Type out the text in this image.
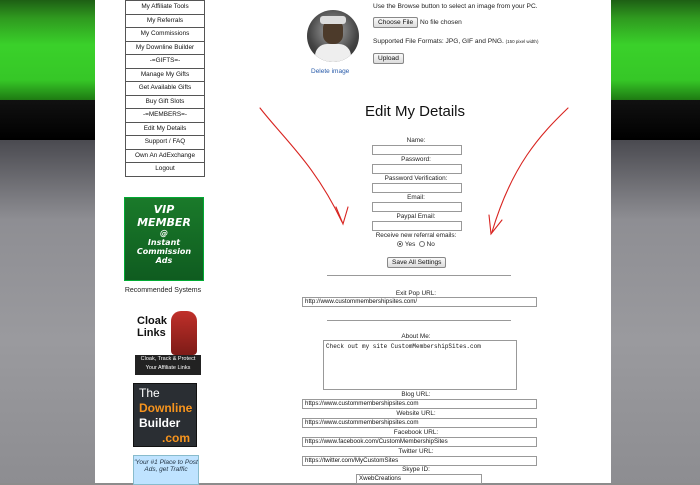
My Affiliate Tools
My Referrals
My Commissions
My Downline Builder
-=GIFTS=-
Manage My Gifts
Get Available Gifts
Buy Gift Slots
-=MEMBERS=-
Edit My Details
Support / FAQ
Own An AdExchange
Logout
VIP
MEMBER
@
Instant
Commission
Ads
Recommended Systems
Cloak
Links
Cloak, Track & Protect Your Affiliate Links
The
Downline
Builder
.com
'Your #1 Place to Post Ads, get Traffic
Delete image
Use the Browse button to select an image from your PC.
Choose File No file chosen
Supported File Formats: JPG, GIF and PNG. (150 pixel width)
Upload
Edit My Details
Name:
Password:
Password Verification:
Email:
Paypal Email:
Receive new referral emails:
Yes No
Save All Settings
Exit Pop URL:
http://www.custommembershipsites.com/
About Me:
Check out my site CustomMembershipSites.com
Blog URL:
https://www.custommembershipsites.com
Website URL:
https://www.custommembershipsites.com
Facebook URL:
https://www.facebook.com/CustomMembershipSites
Twitter URL:
https://twitter.com/MyCustomSites
Skype ID:
XwebCreations
